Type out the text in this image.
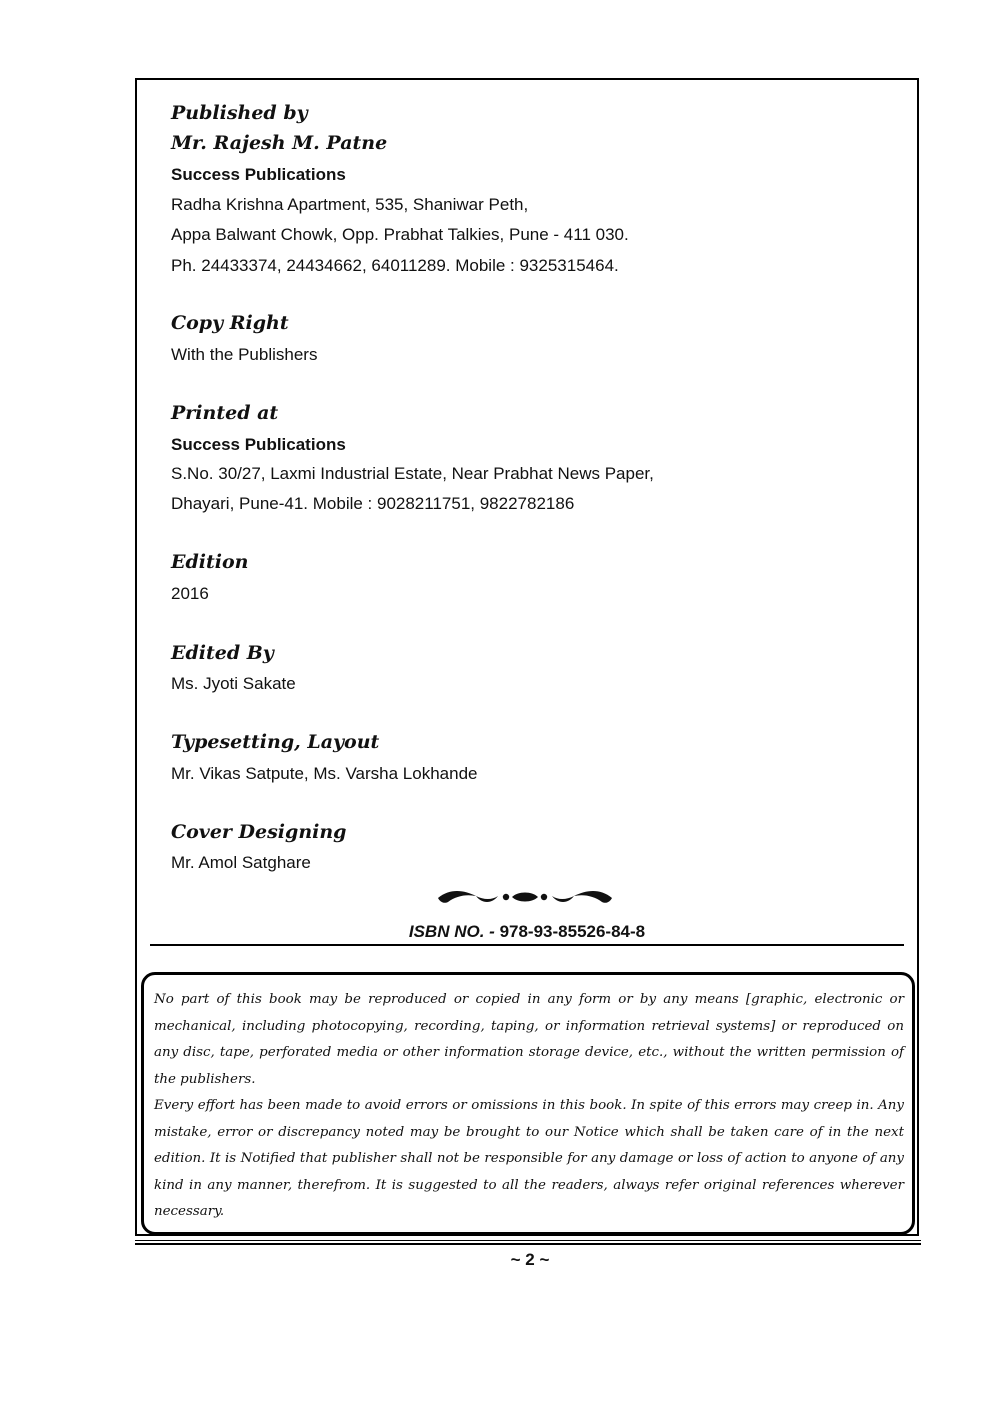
Published by
Mr. Rajesh M. Patne
Success Publications
Radha Krishna Apartment, 535, Shaniwar Peth,
Appa Balwant Chowk, Opp. Prabhat Talkies, Pune - 411 030.
Ph. 24433374, 24434662, 64011289. Mobile : 9325315464.
Copy Right
With the Publishers
Printed at
Success Publications
S.No. 30/27, Laxmi Industrial Estate, Near Prabhat News Paper,
Dhayari, Pune-41. Mobile : 9028211751, 9822782186
Edition
2016
Edited By
Ms. Jyoti Sakate
Typesetting, Layout
Mr. Vikas Satpute, Ms. Varsha Lokhande
Cover Designing
Mr. Amol Satghare
ISBN NO. - 978-93-85526-84-8

No part of this book may be reproduced or copied in any form or by any means [graphic, electronic or mechanical, including photocopying, recording, taping, or information retrieval systems] or reproduced on any disc, tape, perforated media or other information storage device, etc., without the written permission of the publishers.

Every effort has been made to avoid errors or omissions in this book. In spite of this errors may creep in. Any mistake, error or discrepancy noted may be brought to our Notice which shall be taken care of in the next edition. It is Notified that publisher shall not be responsible for any damage or loss of action to anyone of any kind in any manner, therefrom. It is suggested to all the readers, always refer original references wherever necessary.

~ 2 ~
